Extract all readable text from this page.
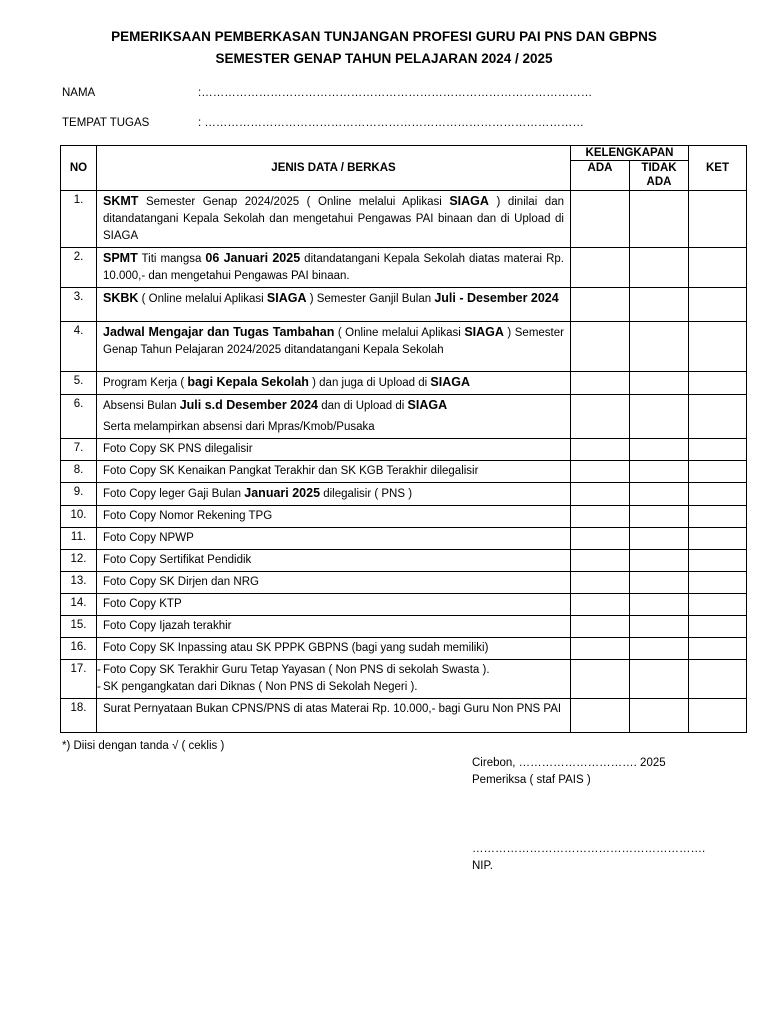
PEMERIKSAAN PEMBERKASAN TUNJANGAN PROFESI GURU PAI PNS DAN GBPNS
SEMESTER GENAP TAHUN PELAJARAN 2024 / 2025
NAMA	:…………………………………………………………………………………………
TEMPAT TUGAS	: ………………………………………………………………………………………
NO	JENIS DATA / BERKAS	KELENGKAPAN		KET
		ADA	TIDAK ADA	
1.	SKMT Semester Genap 2024/2025 ( Online melalui Aplikasi SIAGA ) dinilai dan ditandatangani Kepala Sekolah dan mengetahui Pengawas PAI binaan dan di Upload di SIAGA			
2.	SPMT Titi mangsa 06 Januari 2025 ditandatangani Kepala Sekolah diatas materai Rp. 10.000,- dan mengetahui Pengawas PAI binaan.			
3.	SKBK ( Online melalui Aplikasi SIAGA ) Semester Ganjil Bulan Juli - Desember 2024			
4.	Jadwal Mengajar dan Tugas Tambahan ( Online melalui Aplikasi SIAGA ) Semester Genap Tahun Pelajaran 2024/2025 ditandatangani Kepala Sekolah			
5.	Program Kerja ( bagi Kepala Sekolah ) dan juga di Upload di SIAGA			
6.	Absensi Bulan Juli s.d Desember 2024 dan di Upload di SIAGA
Serta melampirkan absensi dari Mpras/Kmob/Pusaka			

7.	Foto Copy SK PNS dilegalisir			
8.	Foto Copy SK Kenaikan Pangkat Terakhir dan SK KGB Terakhir dilegalisir			
9.	Foto Copy leger Gaji Bulan Januari 2025 dilegalisir ( PNS )			
10.	Foto Copy Nomor Rekening TPG			
11.	Foto Copy NPWP			
12.	Foto Copy Sertifikat Pendidik			
13.	Foto Copy SK Dirjen dan NRG			
14.	Foto Copy KTP			
15.	Foto Copy Ijazah terakhir			
16.	Foto Copy SK Inpassing atau SK PPPK GBPNS (bagi yang sudah memiliki)			
17.	- Foto Copy SK Terakhir Guru Tetap Yayasan ( Non PNS di sekolah Swasta ).
- SK pengangkatan dari Diknas ( Non PNS di Sekolah Negeri ).

18.	Surat Pernyataan Bukan CPNS/PNS di atas Materai Rp. 10.000,- bagi Guru Non PNS PAI			
*) Diisi dengan tanda √ ( ceklis )
Cirebon, …………………………. 2025
Pemeriksa ( staf PAIS )
…………………………………………………….
NIP.
